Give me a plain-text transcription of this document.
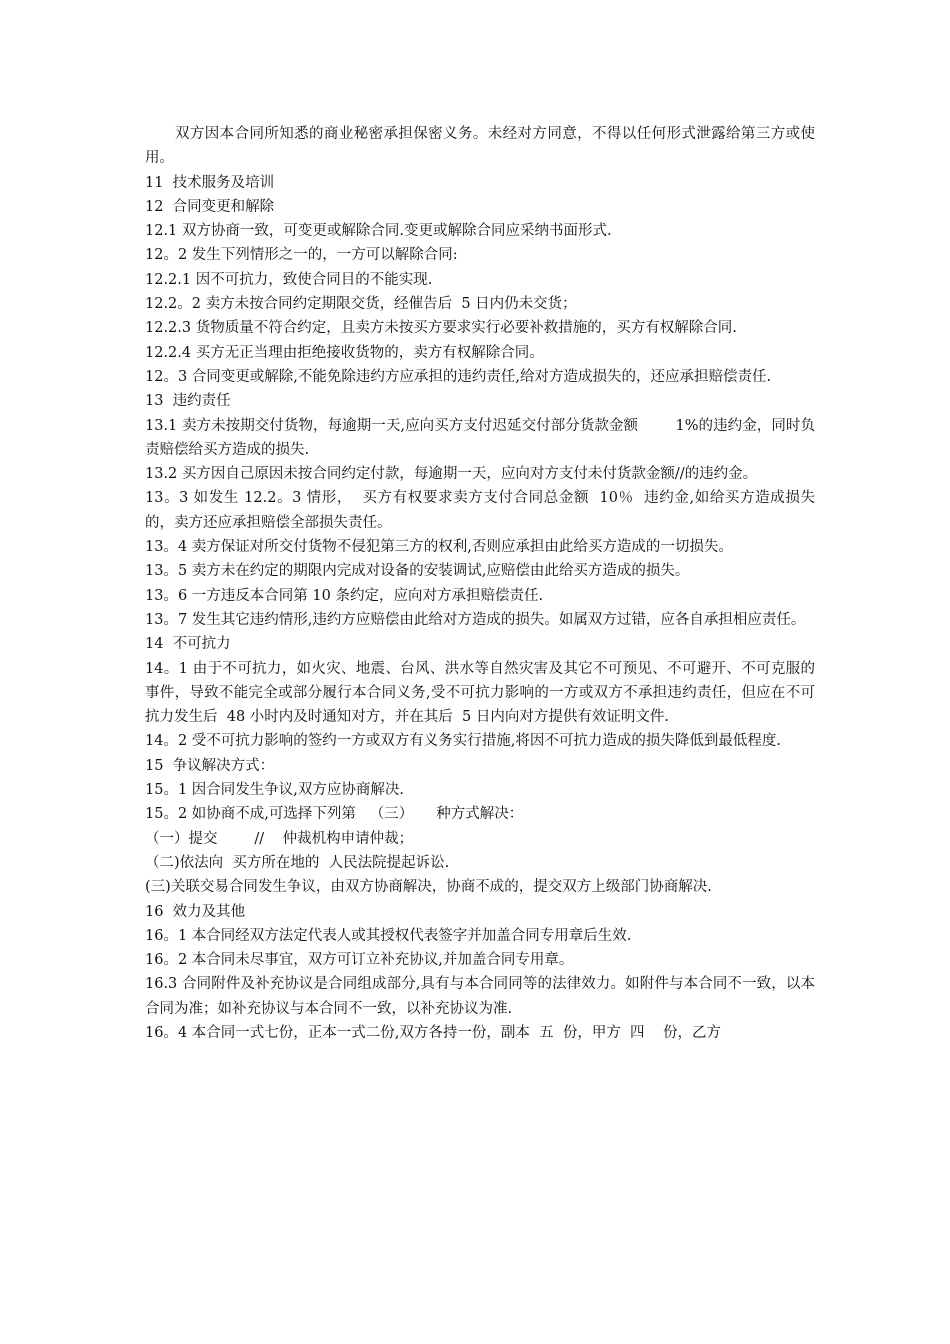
双方因本合同所知悉的商业秘密承担保密义务。未经对方同意，不得以任何形式泄露给第三方或使用。

11  技术服务及培训

12  合同变更和解除

12.1 双方协商一致，可变更或解除合同.变更或解除合同应采纳书面形式.

12。2 发生下列情形之一的，一方可以解除合同:

12.2.1 因不可抗力，致使合同目的不能实现.

12.2。2 卖方未按合同约定期限交货，经催告后  5 日内仍未交货；

12.2.3 货物质量不符合约定，且卖方未按买方要求实行必要补救措施的，买方有权解除合同.

12.2.4 买方无正当理由拒绝接收货物的，卖方有权解除合同。

12。3 合同变更或解除,不能免除违约方应承担的违约责任,给对方造成损失的，还应承担赔偿责任.

13  违约责任

13.1 卖方未按期交付货物，每逾期一天,应向买方支付迟延交付部分货款金额        1%的违约金，同时负责赔偿给买方造成的损失.

13.2 买方因自己原因未按合同约定付款，每逾期一天，应向对方支付未付货款金额//的违约金。

13。3 如发生 12.2。3 情形，  买方有权要求卖方支付合同总金额  10％  违约金,如给买方造成损失的，卖方还应承担赔偿全部损失责任。

13。4 卖方保证对所交付货物不侵犯第三方的权利,否则应承担由此给买方造成的一切损失。

13。5 卖方未在约定的期限内完成对设备的安装调试,应赔偿由此给买方造成的损失。

13。6 一方违反本合同第 10 条约定，应向对方承担赔偿责任.

13。7 发生其它违约情形,违约方应赔偿由此给对方造成的损失。如属双方过错，应各自承担相应责任。

14  不可抗力

14。1 由于不可抗力，如火灾、地震、台风、洪水等自然灾害及其它不可预见、不可避开、不可克服的事件，导致不能完全或部分履行本合同义务,受不可抗力影响的一方或双方不承担违约责任，但应在不可抗力发生后  48 小时内及时通知对方，并在其后  5 日内向对方提供有效证明文件.

14。2 受不可抗力影响的签约一方或双方有义务实行措施,将因不可抗力造成的损失降低到最低程度.

15  争议解决方式：

15。1 因合同发生争议,双方应协商解决.

15。2 如协商不成,可选择下列第   （三）     种方式解决：

（一）提交        //    仲裁机构申请仲裁；

（二)依法向  买方所在地的  人民法院提起诉讼.

(三)关联交易合同发生争议，由双方协商解决，协商不成的，提交双方上级部门协商解决.

16  效力及其他

16。1 本合同经双方法定代表人或其授权代表签字并加盖合同专用章后生效.

16。2 本合同未尽事宜，双方可订立补充协议,并加盖合同专用章。

16.3 合同附件及补充协议是合同组成部分,具有与本合同同等的法律效力。如附件与本合同不一致，以本合同为准；如补充协议与本合同不一致，以补充协议为准.

16。4 本合同一式七份，正本一式二份,双方各持一份，副本  五  份，甲方  四    份，乙方
